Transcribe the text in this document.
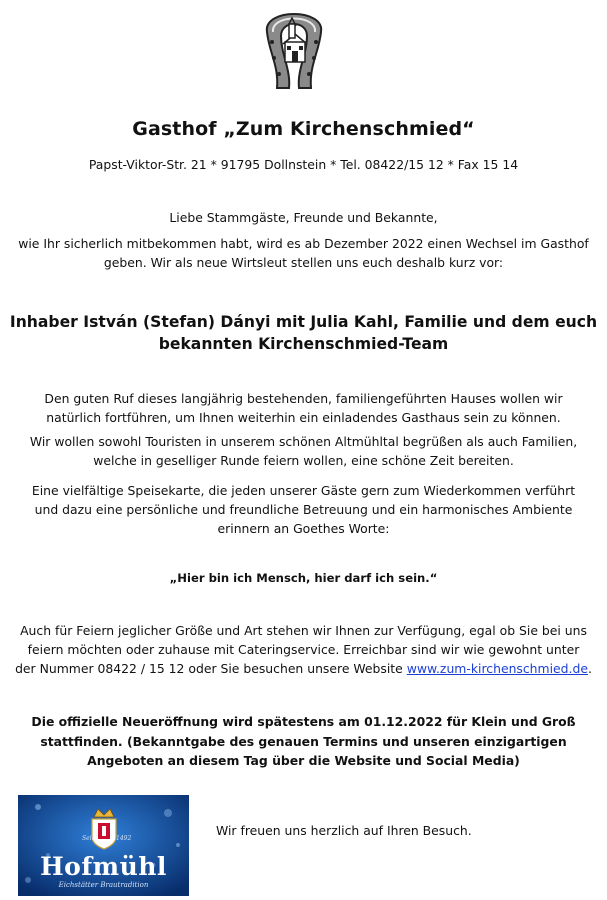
Gasthof „Zum Kirchenschmied“
Papst-Viktor-Str. 21 * 91795 Dollnstein * Tel. 08422/15 12 * Fax 15 14
Liebe Stammgäste, Freunde und Bekannte,
wie Ihr sicherlich mitbekommen habt, wird es ab Dezember 2022 einen Wechsel im Gasthof
geben. Wir als neue Wirtsleut stellen uns euch deshalb kurz vor:
Inhaber István (Stefan) Dányi mit Julia Kahl, Familie und dem euch
bekannten Kirchenschmied-Team
Den guten Ruf dieses langjährig bestehenden, familiengeführten Hauses wollen wir
natürlich fortführen, um Ihnen weiterhin ein einladendes Gasthaus sein zu können.
Wir wollen sowohl Touristen in unserem schönen Altmühltal begrüßen als auch Familien,
welche in geselliger Runde feiern wollen, eine schöne Zeit bereiten.
Eine vielfältige Speisekarte, die jeden unserer Gäste gern zum Wiederkommen verführt
und dazu eine persönliche und freundliche Betreuung und ein harmonisches Ambiente
erinnern an Goethes Worte:
„Hier bin ich Mensch, hier darf ich sein.“
Auch für Feiern jeglicher Größe und Art stehen wir Ihnen zur Verfügung, egal ob Sie bei uns
feiern möchten oder zuhause mit Cateringservice. Erreichbar sind wir wie gewohnt unter
der Nummer 08422 / 15 12 oder Sie besuchen unsere Website www.zum-kirchenschmied.de.
Die offizielle Neueröffnung wird spätestens am 01.12.2022 für Klein und Groß
stattfinden. (Bekanntgabe des genauen Termins und unseren einzigartigen
Angeboten an diesem Tag über die Website und Social Media)
Seit	1492
Hofmühl
Eichstätter Brautradition
Wir freuen uns herzlich auf Ihren Besuch.
